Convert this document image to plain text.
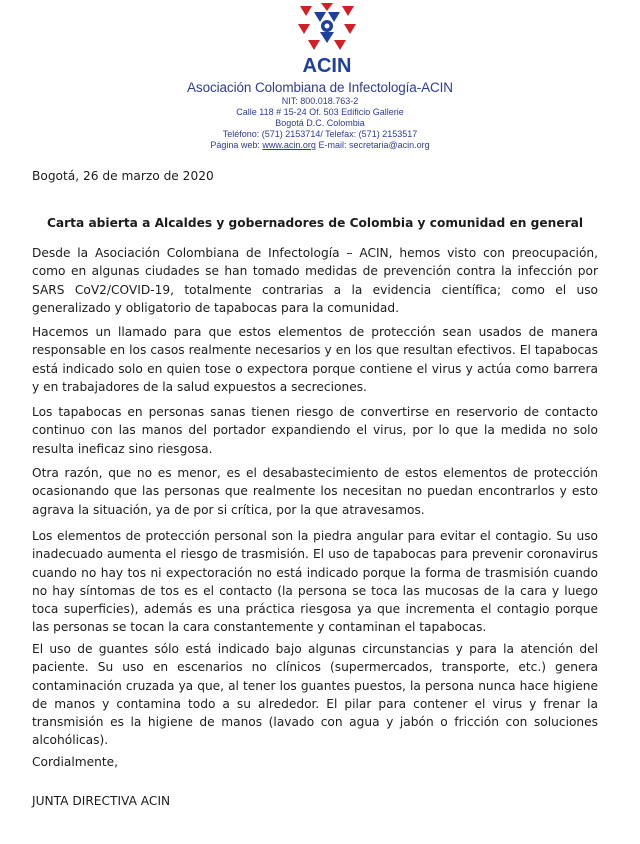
ACIN
Asociación Colombiana de Infectología-ACIN
NIT: 800.018.763-2
Calle 118 # 15-24 Of. 503 Edificio Gallerie
Bogotá D.C. Colombia
Teléfono: (571) 2153714/ Telefax: (571) 2153517
Página web: www.acin.org E-mail: secretaria@acin.org
Bogotá, 26 de marzo de 2020
Carta abierta a Alcaldes y gobernadores de Colombia y comunidad en general
Desde la Asociación Colombiana de Infectología – ACIN, hemos visto con preocupación, como en algunas ciudades se han tomado medidas de prevención contra la infección por SARS CoV2/COVID-19, totalmente contrarias a la evidencia científica; como el uso generalizado y obligatorio de tapabocas para la comunidad.
Hacemos un llamado para que estos elementos de protección sean usados de manera responsable en los casos realmente necesarios y en los que resultan efectivos. El tapabocas está indicado solo en quien tose o expectora porque contiene el virus y actúa como barrera y en trabajadores de la salud expuestos a secreciones.
Los tapabocas en personas sanas tienen riesgo de convertirse en reservorio de contacto continuo con las manos del portador expandiendo el virus, por lo que la medida no solo resulta ineficaz sino riesgosa.
Otra razón, que no es menor, es el desabastecimiento de estos elementos de protección ocasionando que las personas que realmente los necesitan no puedan encontrarlos y esto agrava la situación, ya de por si crítica, por la que atravesamos.
Los elementos de protección personal son la piedra angular para evitar el contagio. Su uso inadecuado aumenta el riesgo de trasmisión. El uso de tapabocas para prevenir coronavirus cuando no hay tos ni expectoración no está indicado porque la forma de trasmisión cuando no hay síntomas de tos es el contacto (la persona se toca las mucosas de la cara y luego toca superficies), además es una práctica riesgosa ya que incrementa el contagio porque las personas se tocan la cara constantemente y contaminan el tapabocas.
El uso de guantes sólo está indicado bajo algunas circunstancias y para la atención del paciente. Su uso en escenarios no clínicos (supermercados, transporte, etc.) genera contaminación cruzada ya que, al tener los guantes puestos, la persona nunca hace higiene de manos y contamina todo a su alrededor. El pilar para contener el virus y frenar la transmisión es la higiene de manos (lavado con agua y jabón o fricción con soluciones alcohólicas).
Cordialmente,
JUNTA DIRECTIVA ACIN
